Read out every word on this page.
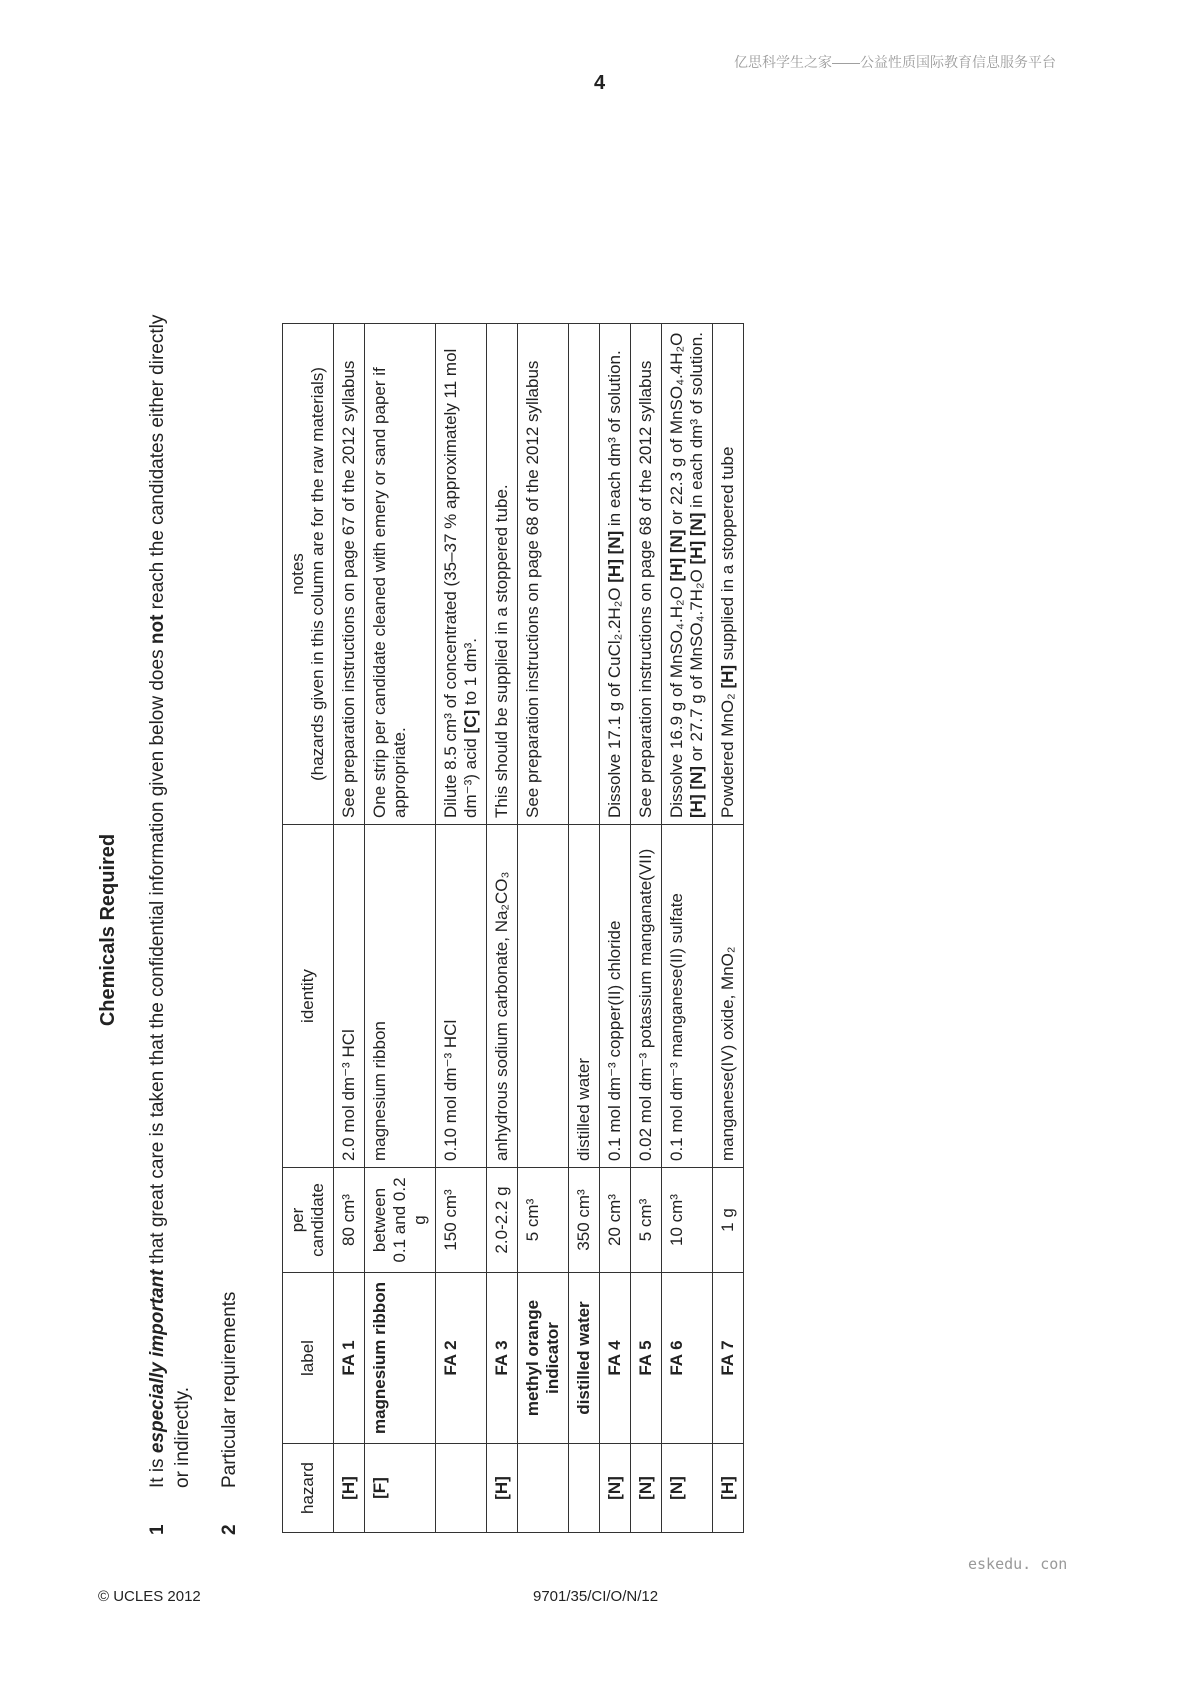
亿思科学生之家——公益性质国际教育信息服务平台
4
Chemicals Required
1
It is especially important that great care is taken that the confidential information given below does not reach the candidates either directly or indirectly.
2
Particular requirements
hazard	label	per candidate	identity	notes (hazards given in this column are for the raw materials)

[H]	FA 1	80 cm³	2.0 mol dm⁻³ HCl	See preparation instructions on page 67 of the 2012 syllabus
[F]	magnesium ribbon	between 0.1 and 0.2 g	magnesium ribbon	One strip per candidate cleaned with emery or sand paper if appropriate.
	FA 2	150 cm³	0.10 mol dm⁻³ HCl	Dilute 8.5 cm³ of concentrated (35–37 % approximately 11 mol dm⁻³) acid [C] to 1 dm³.
[H]	FA 3	2.0-2.2 g	anhydrous sodium carbonate, Na₂CO₃	This should be supplied in a stoppered tube.
	methyl orange indicator	5 cm³		See preparation instructions on page 68 of the 2012 syllabus
	distilled water	350 cm³	distilled water	
[N]	FA 4	20 cm³	0.1 mol dm⁻³ copper(II) chloride	Dissolve 17.1 g of CuCl₂.2H₂O [H] [N] in each dm³ of solution.
[N]	FA 5	5 cm³	0.02 mol dm⁻³ potassium manganate(VII)	See preparation instructions on page 68 of the 2012 syllabus
[N]	FA 6	10 cm³	0.1 mol dm⁻³ manganese(II) sulfate	Dissolve 16.9 g of MnSO₄.H₂O [H] [N] or 22.3 g of MnSO₄.4H₂O [H] [N] or 27.7 g of MnSO₄.7H₂O [H] [N] in each dm³ of solution.
[H]	FA 7	1 g	manganese(IV) oxide, MnO₂	Powdered MnO₂ [H] supplied in a stoppered tube
eskedu. con
© UCLES 2012	9701/35/CI/O/N/12
